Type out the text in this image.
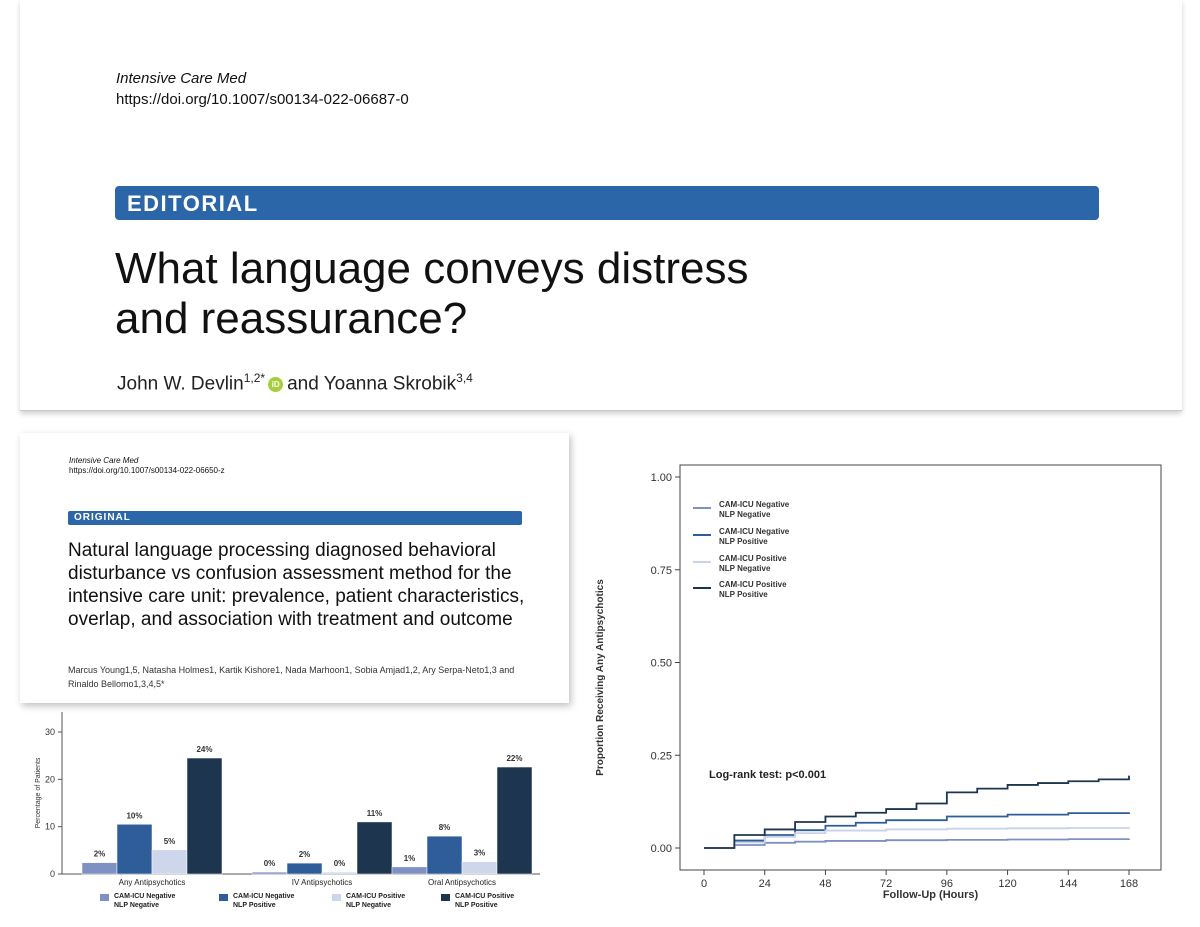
Intensive Care Med
https://doi.org/10.1007/s00134-022-06687-0
EDITORIAL
What language conveys distress
and reassurance?
John W. Devlin$^{1,2*}$ iD and Yoanna Skrobik$^{3,4}$
Intensive Care Med
https://doi.org/10.1007/s00134-022-06650-z
ORIGINAL
Natural language processing diagnosed behavioral disturbance vs confusion assessment method for the intensive care unit: prevalence, patient characteristics, overlap, and association with treatment and outcome
Marcus Young1,5, Natasha Holmes1, Kartik Kishore1, Nada Marhoon1, Sobia Amjad1,2, Ary Serpa-Neto1,3 and Rinaldo Bellomo1,3,4,5*
0
10
20
30
Percentage of Patients
2%
10%
5%
24%
Any Antipsychotics
0%
2%
0%
11%
IV Antipsychotics
1%
8%
3%
22%
Oral Antipsychotics
CAM-ICU Negative
NLP Negative
CAM-ICU Negative
NLP Positive
CAM-ICU Positive
NLP Negative
CAM-ICU Positive
NLP Positive
0.00
0.25
0.50
0.75
1.00
0	24	48	72	96	120	144	168
Follow-Up (Hours)
Proportion Receiving Any Antipsychotics
CAM-ICU Negative
NLP Negative
CAM-ICU Negative
NLP Positive
CAM-ICU Positive
NLP Negative
CAM-ICU Positive
NLP Positive
Log-rank test: p<0.001
